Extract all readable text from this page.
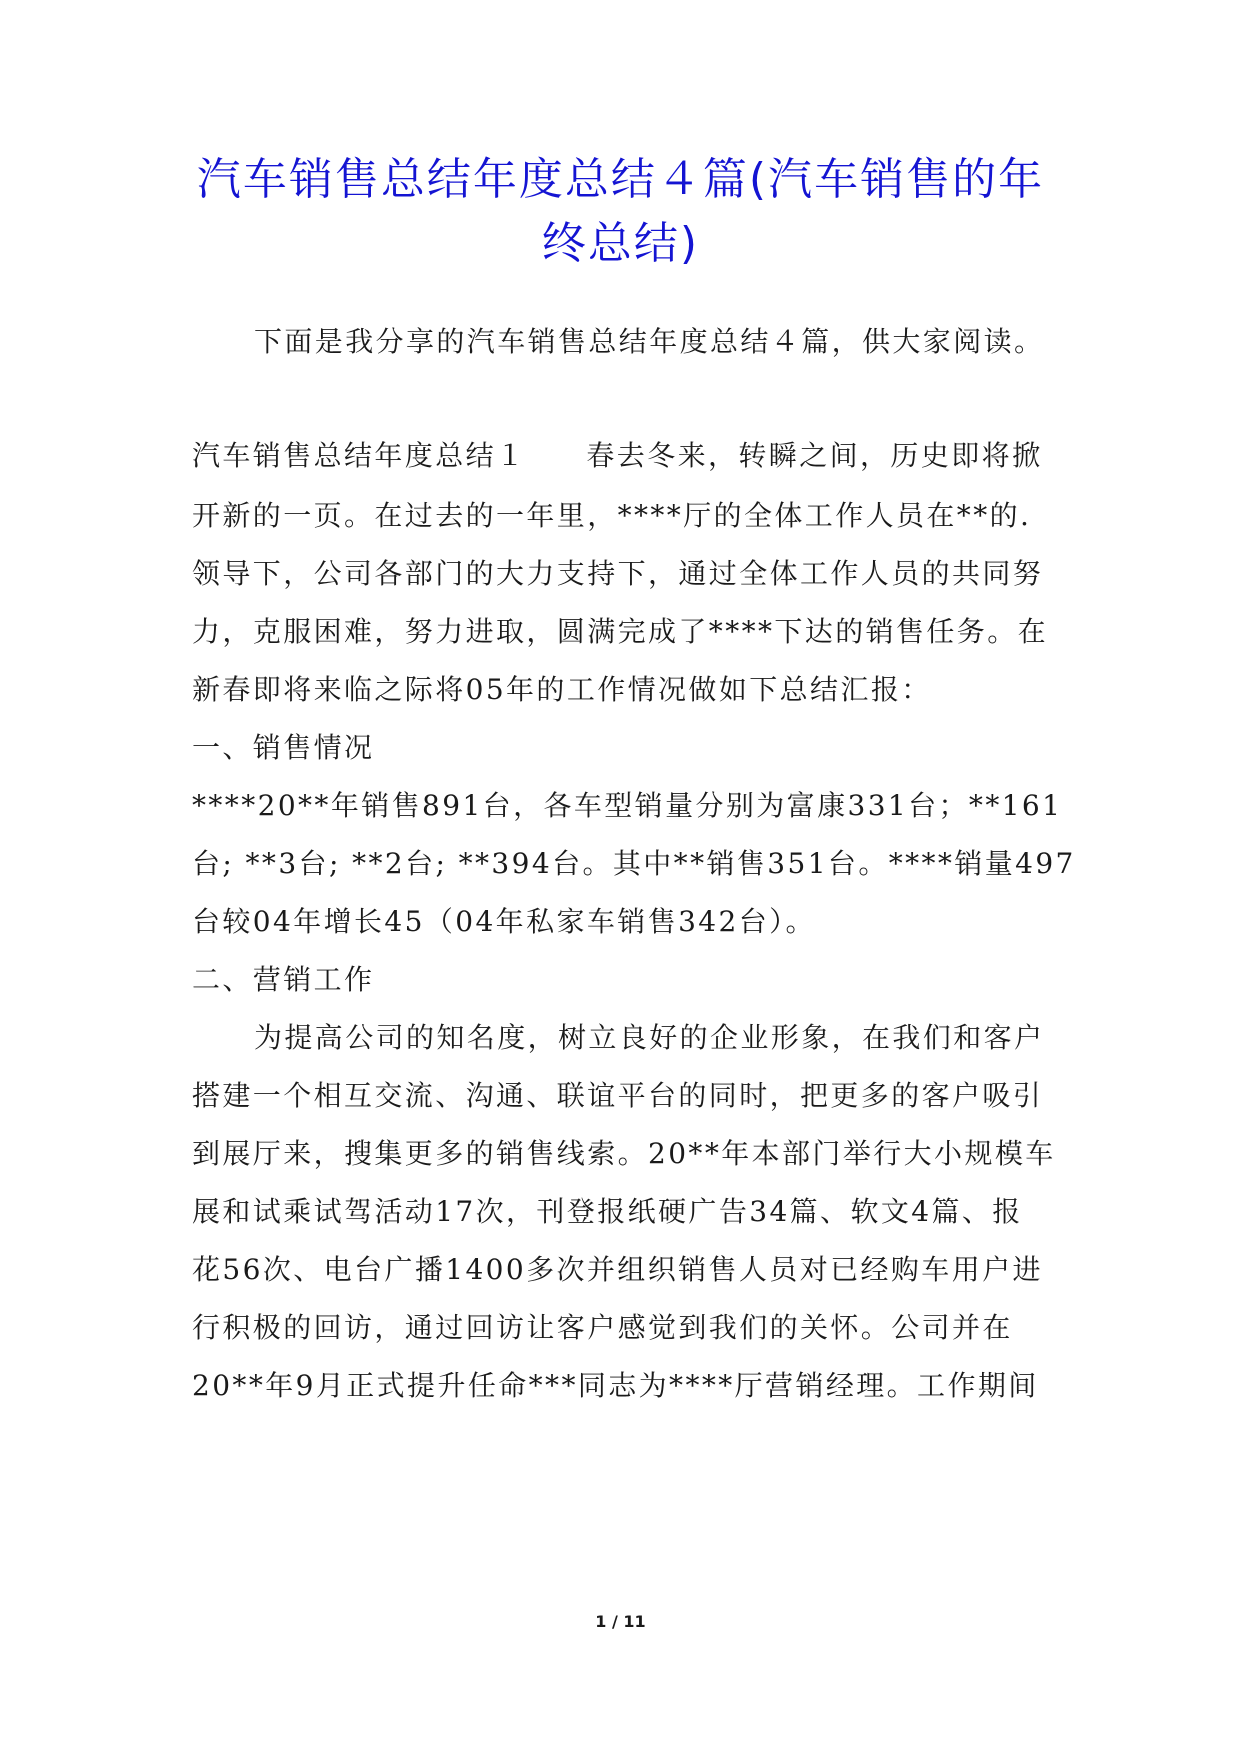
汽车销售总结年度总结４篇(汽车销售的年
终总结)

下面是我分享的汽车销售总结年度总结４篇，供大家阅读。

汽车销售总结年度总结１ 春去冬来，转瞬之间，历史即将掀

开新的一页。在过去的一年里，****厅的全体工作人员在**的.

领导下，公司各部门的大力支持下，通过全体工作人员的共同努

力，克服困难，努力进取，圆满完成了****下达的销售任务。在

新春即将来临之际将05年的工作情况做如下总结汇报：

一、销售情况

****20**年销售891台，各车型销量分别为富康331台；**161

台; **3台; **2台; **394台。其中**销售351台。****销量497

台较04年增长45（04年私家车销售342台）。

二、营销工作

为提高公司的知名度，树立良好的企业形象，在我们和客户

搭建一个相互交流、沟通、联谊平台的同时，把更多的客户吸引

到展厅来，搜集更多的销售线索。20**年本部门举行大小规模车

展和试乘试驾活动17次，刊登报纸硬广告34篇、软文4篇、报

花56次、电台广播1400多次并组织销售人员对已经购车用户进

行积极的回访，通过回访让客户感觉到我们的关怀。公司并在

20**年9月正式提升任命***同志为****厅营销经理。工作期间

1 / 11
